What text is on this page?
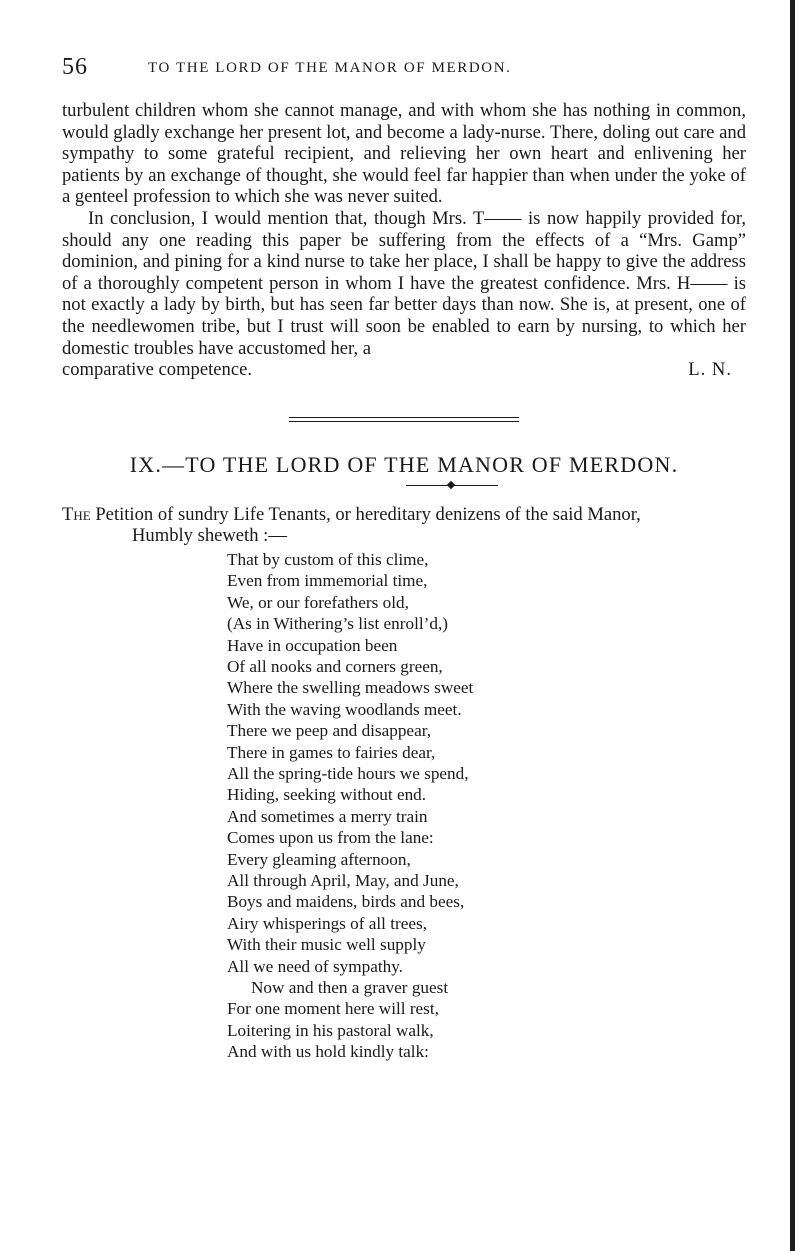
56	TO THE LORD OF THE MANOR OF MERDON.

turbulent children whom she cannot manage, and with whom she has nothing in common, would gladly exchange her present lot, and become a lady-nurse. There, doling out care and sympathy to some grateful recipient, and relieving her own heart and enlivening her patients by an exchange of thought, she would feel far happier than when under the yoke of a genteel profession to which she was never suited.

In conclusion, I would mention that, though Mrs. T—— is now happily provided for, should any one reading this paper be suffering from the effects of a “Mrs. Gamp” dominion, and pining for a kind nurse to take her place, I shall be happy to give the address of a thoroughly competent person in whom I have the greatest confidence. Mrs. H—— is not exactly a lady by birth, but has seen far better days than now. She is, at present, one of the needlewomen tribe, but I trust will soon be enabled to earn by nursing, to which her domestic troubles have accustomed her, a

comparative competence.	L. N.
IX.—TO THE LORD OF THE MANOR OF MERDON.

The Petition of sundry Life Tenants, or hereditary denizens of the said Manor,

Humbly sheweth :—

That by custom of this clime,
Even from immemorial time,
We, or our forefathers old,
(As in Withering’s list enroll’d,)
Have in occupation been
Of all nooks and corners green,
Where the swelling meadows sweet
With the waving woodlands meet.
There we peep and disappear,
There in games to fairies dear,
All the spring-tide hours we spend,
Hiding, seeking without end.
And sometimes a merry train
Comes upon us from the lane:
Every gleaming afternoon,
All through April, May, and June,
Boys and maidens, birds and bees,
Airy whisperings of all trees,
With their music well supply
All we need of sympathy.
Now and then a graver guest
For one moment here will rest,
Loitering in his pastoral walk,
And with us hold kindly talk:
